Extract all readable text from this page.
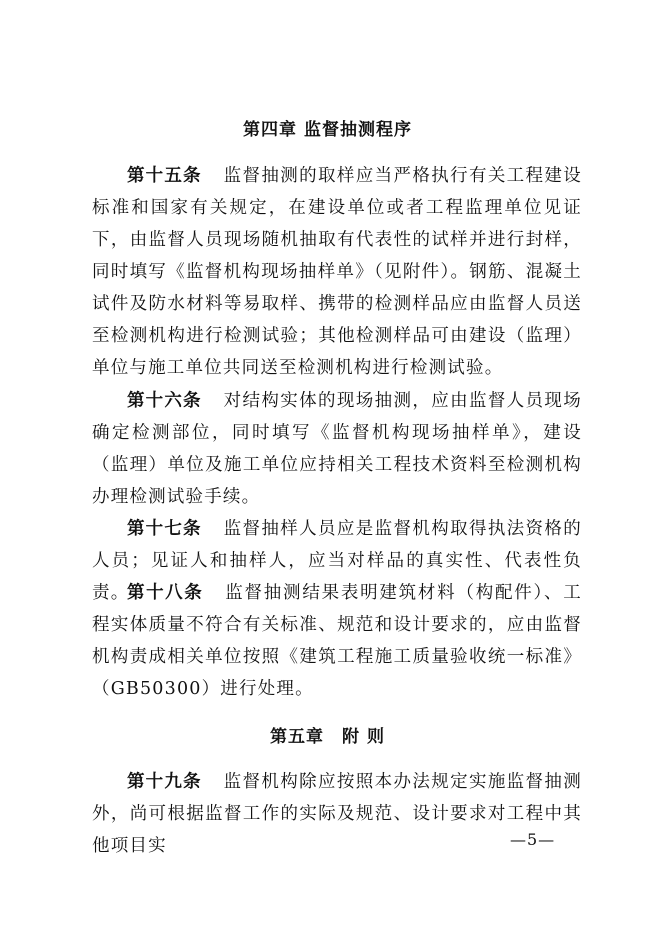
第四章 监督抽测程序

第十五条 监督抽测的取样应当严格执行有关工程建设标准和国家有关规定，在建设单位或者工程监理单位见证下，由监督人员现场随机抽取有代表性的试样并进行封样，同时填写《监督机构现场抽样单》（见附件）。钢筋、混凝土试件及防水材料等易取样、携带的检测样品应由监督人员送至检测机构进行检测试验；其他检测样品可由建设（监理）单位与施工单位共同送至检测机构进行检测试验。

第十六条 对结构实体的现场抽测，应由监督人员现场确定检测部位，同时填写《监督机构现场抽样单》，建设（监理）单位及施工单位应持相关工程技术资料至检测机构办理检测试验手续。

第十七条 监督抽样人员应是监督机构取得执法资格的人员；见证人和抽样人，应当对样品的真实性、代表性负责。

第十八条 监督抽测结果表明建筑材料（构配件）、工程实体质量不符合有关标准、规范和设计要求的，应由监督机构责成相关单位按照《建筑工程施工质量验收统一标准》（GB50300）进行处理。

第五章 附 则

第十九条 监督机构除应按照本办法规定实施监督抽测外，尚可根据监督工作的实际及规范、设计要求对工程中其他项目实	—5—
